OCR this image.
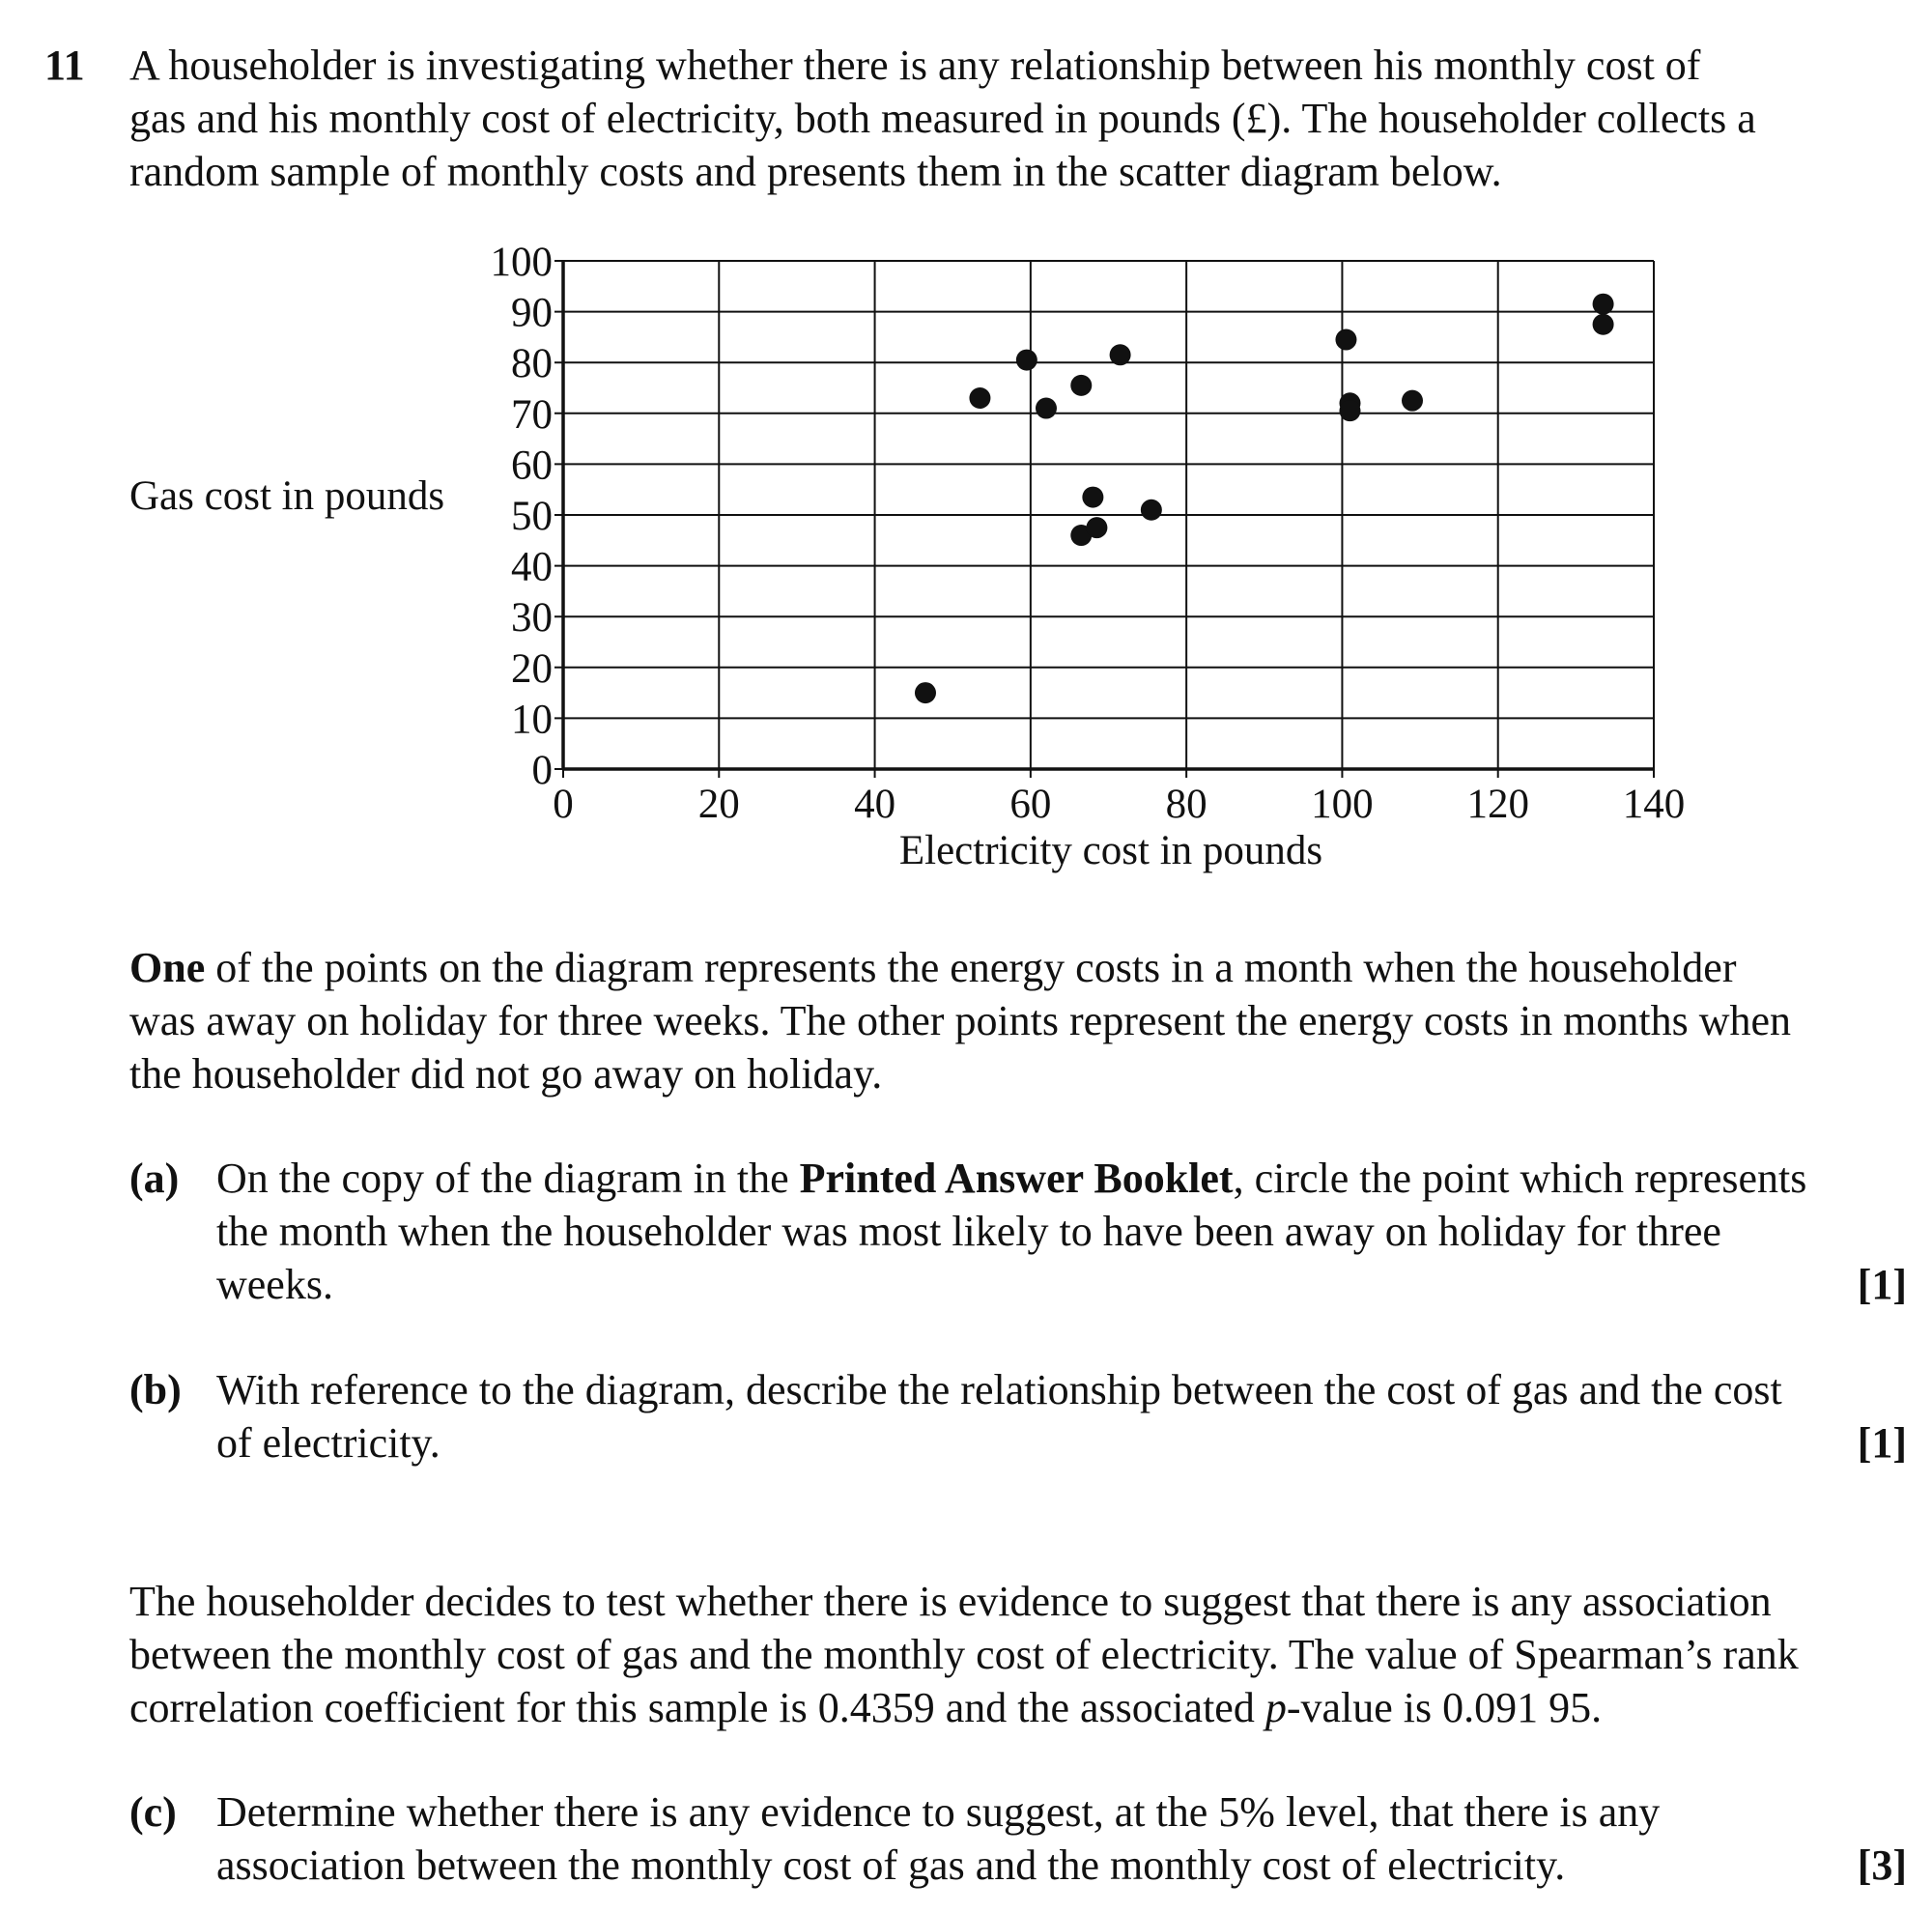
11 A householder is investigating whether there is any relationship between his monthly cost of
gas and his monthly cost of electricity, both measured in pounds (£). The householder collects a
random sample of monthly costs and presents them in the scatter diagram below.
0	20	40	60	80	100 120 140
0
10
20
30
40
50
60
70
80
90
100
Gas cost in pounds
Electricity cost in pounds
One of the points on the diagram represents the energy costs in a month when the householder
was away on holiday for three weeks. The other points represent the energy costs in months when
the householder did not go away on holiday.
(a) On the copy of the diagram in the Printed Answer Booklet, circle the point which represents
the month when the householder was most likely to have been away on holiday for three
weeks.	[1]
(b) With reference to the diagram, describe the relationship between the cost of gas and the cost
of electricity.	[1]
The householder decides to test whether there is evidence to suggest that there is any association
between the monthly cost of gas and the monthly cost of electricity. The value of Spearman’s rank
correlation coefficient for this sample is 0.4359 and the associated p-value is 0.091 95.
(c) Determine whether there is any evidence to suggest, at the 5% level, that there is any
association between the monthly cost of gas and the monthly cost of electricity.	[3]
